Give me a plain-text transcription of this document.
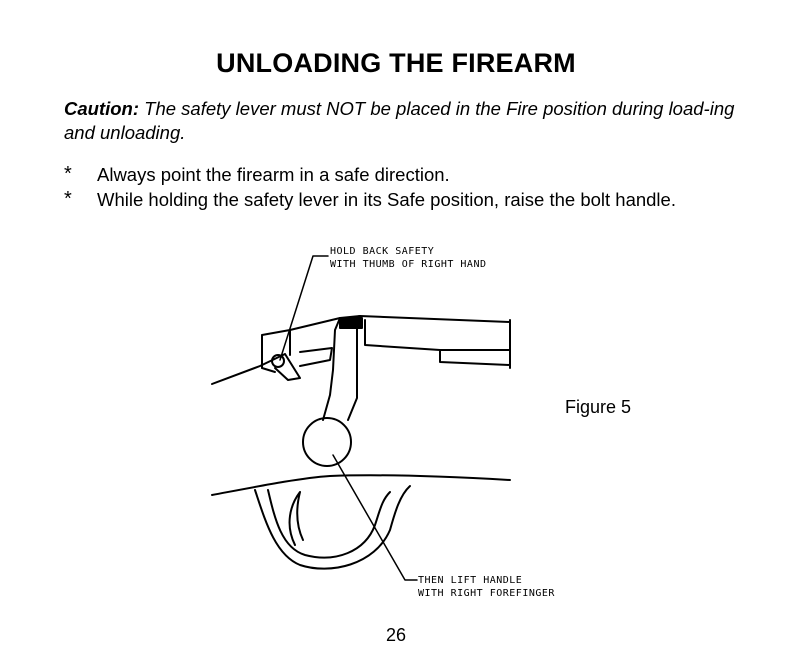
UNLOADING THE FIREARM
Caution: The safety lever must NOT be placed in the Fire position during load-ing and unloading.
*	Always point the firearm in a safe direction.
*	While holding the safety lever in its Safe position, raise the bolt handle.
HOLD BACK SAFETY
WITH THUMB OF RIGHT HAND
THEN LIFT HANDLE
WITH RIGHT FOREFINGER
Figure 5
26
